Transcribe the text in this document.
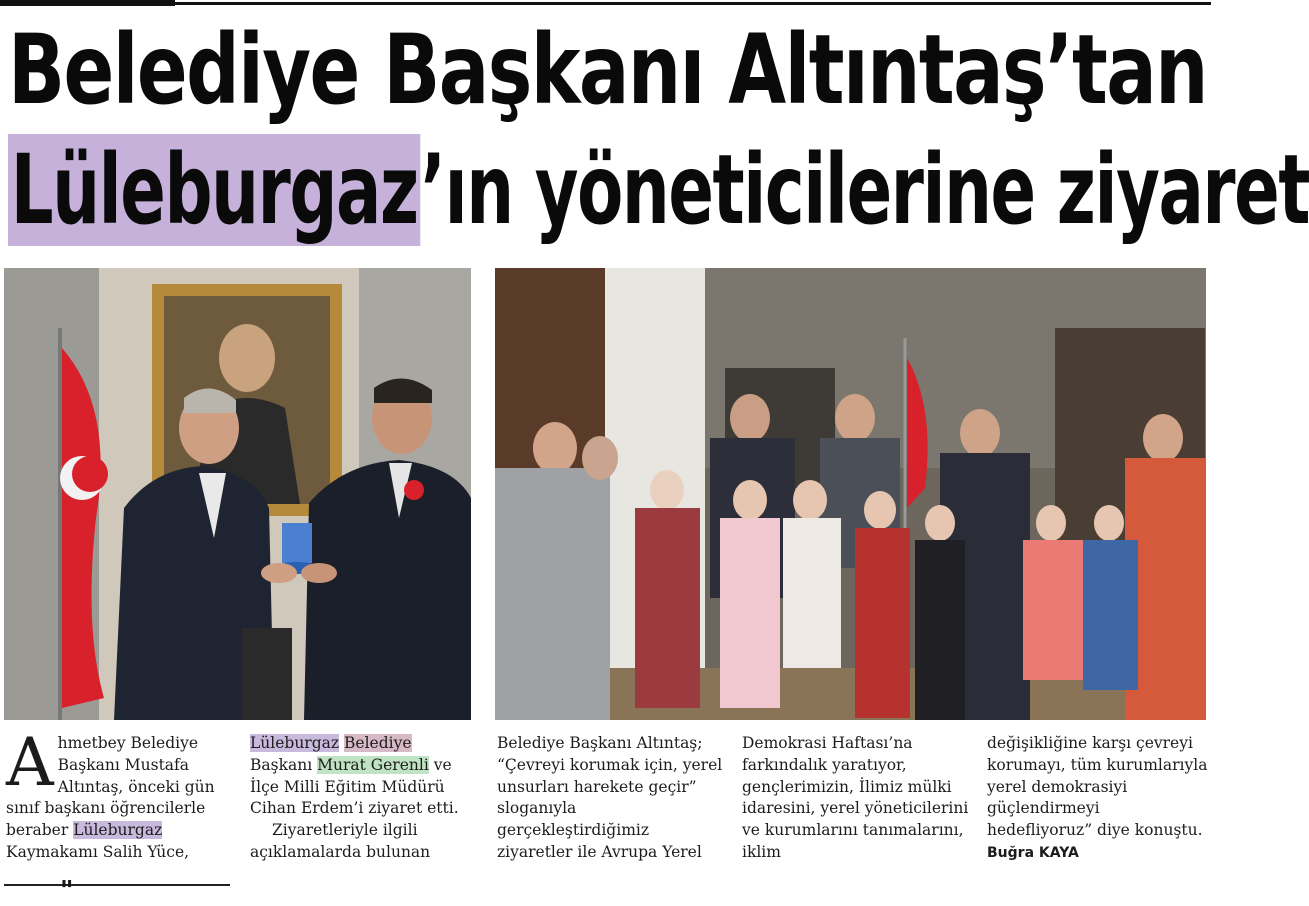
Belediye Başkanı Altıntaş’tan
Lüleburgaz’ın yöneticilerine ziyaret
Ahmetbey Belediye Başkanı Mustafa Altıntaş, önceki gün sınıf başkanı öğrencilerle beraber Lüleburgaz Kaymakamı Salih Yüce,
"
Lüleburgaz Belediye
Başkanı Murat Gerenli ve İlçe Milli Eğitim Müdürü Cihan Erdem’i ziyaret etti.
Ziyaretleriyle ilgili açıklamalarda bulunan
Belediye Başkanı Altıntaş; “Çevreyi korumak için, yerel unsurları harekete geçir” sloganıyla gerçekleştirdiğimiz ziyaretler ile Avrupa Yerel
Demokrasi Haftası’na farkındalık yaratıyor, gençlerimizin, İlimiz mülki idaresini, yerel yöneticilerini ve kurumlarını tanımalarını, iklim
değişikliğine karşı çevreyi korumayı, tüm kurumlarıyla yerel demokrasiyi güçlendirmeyi hedefliyoruz” diye konuştu. Buğra KAYA
